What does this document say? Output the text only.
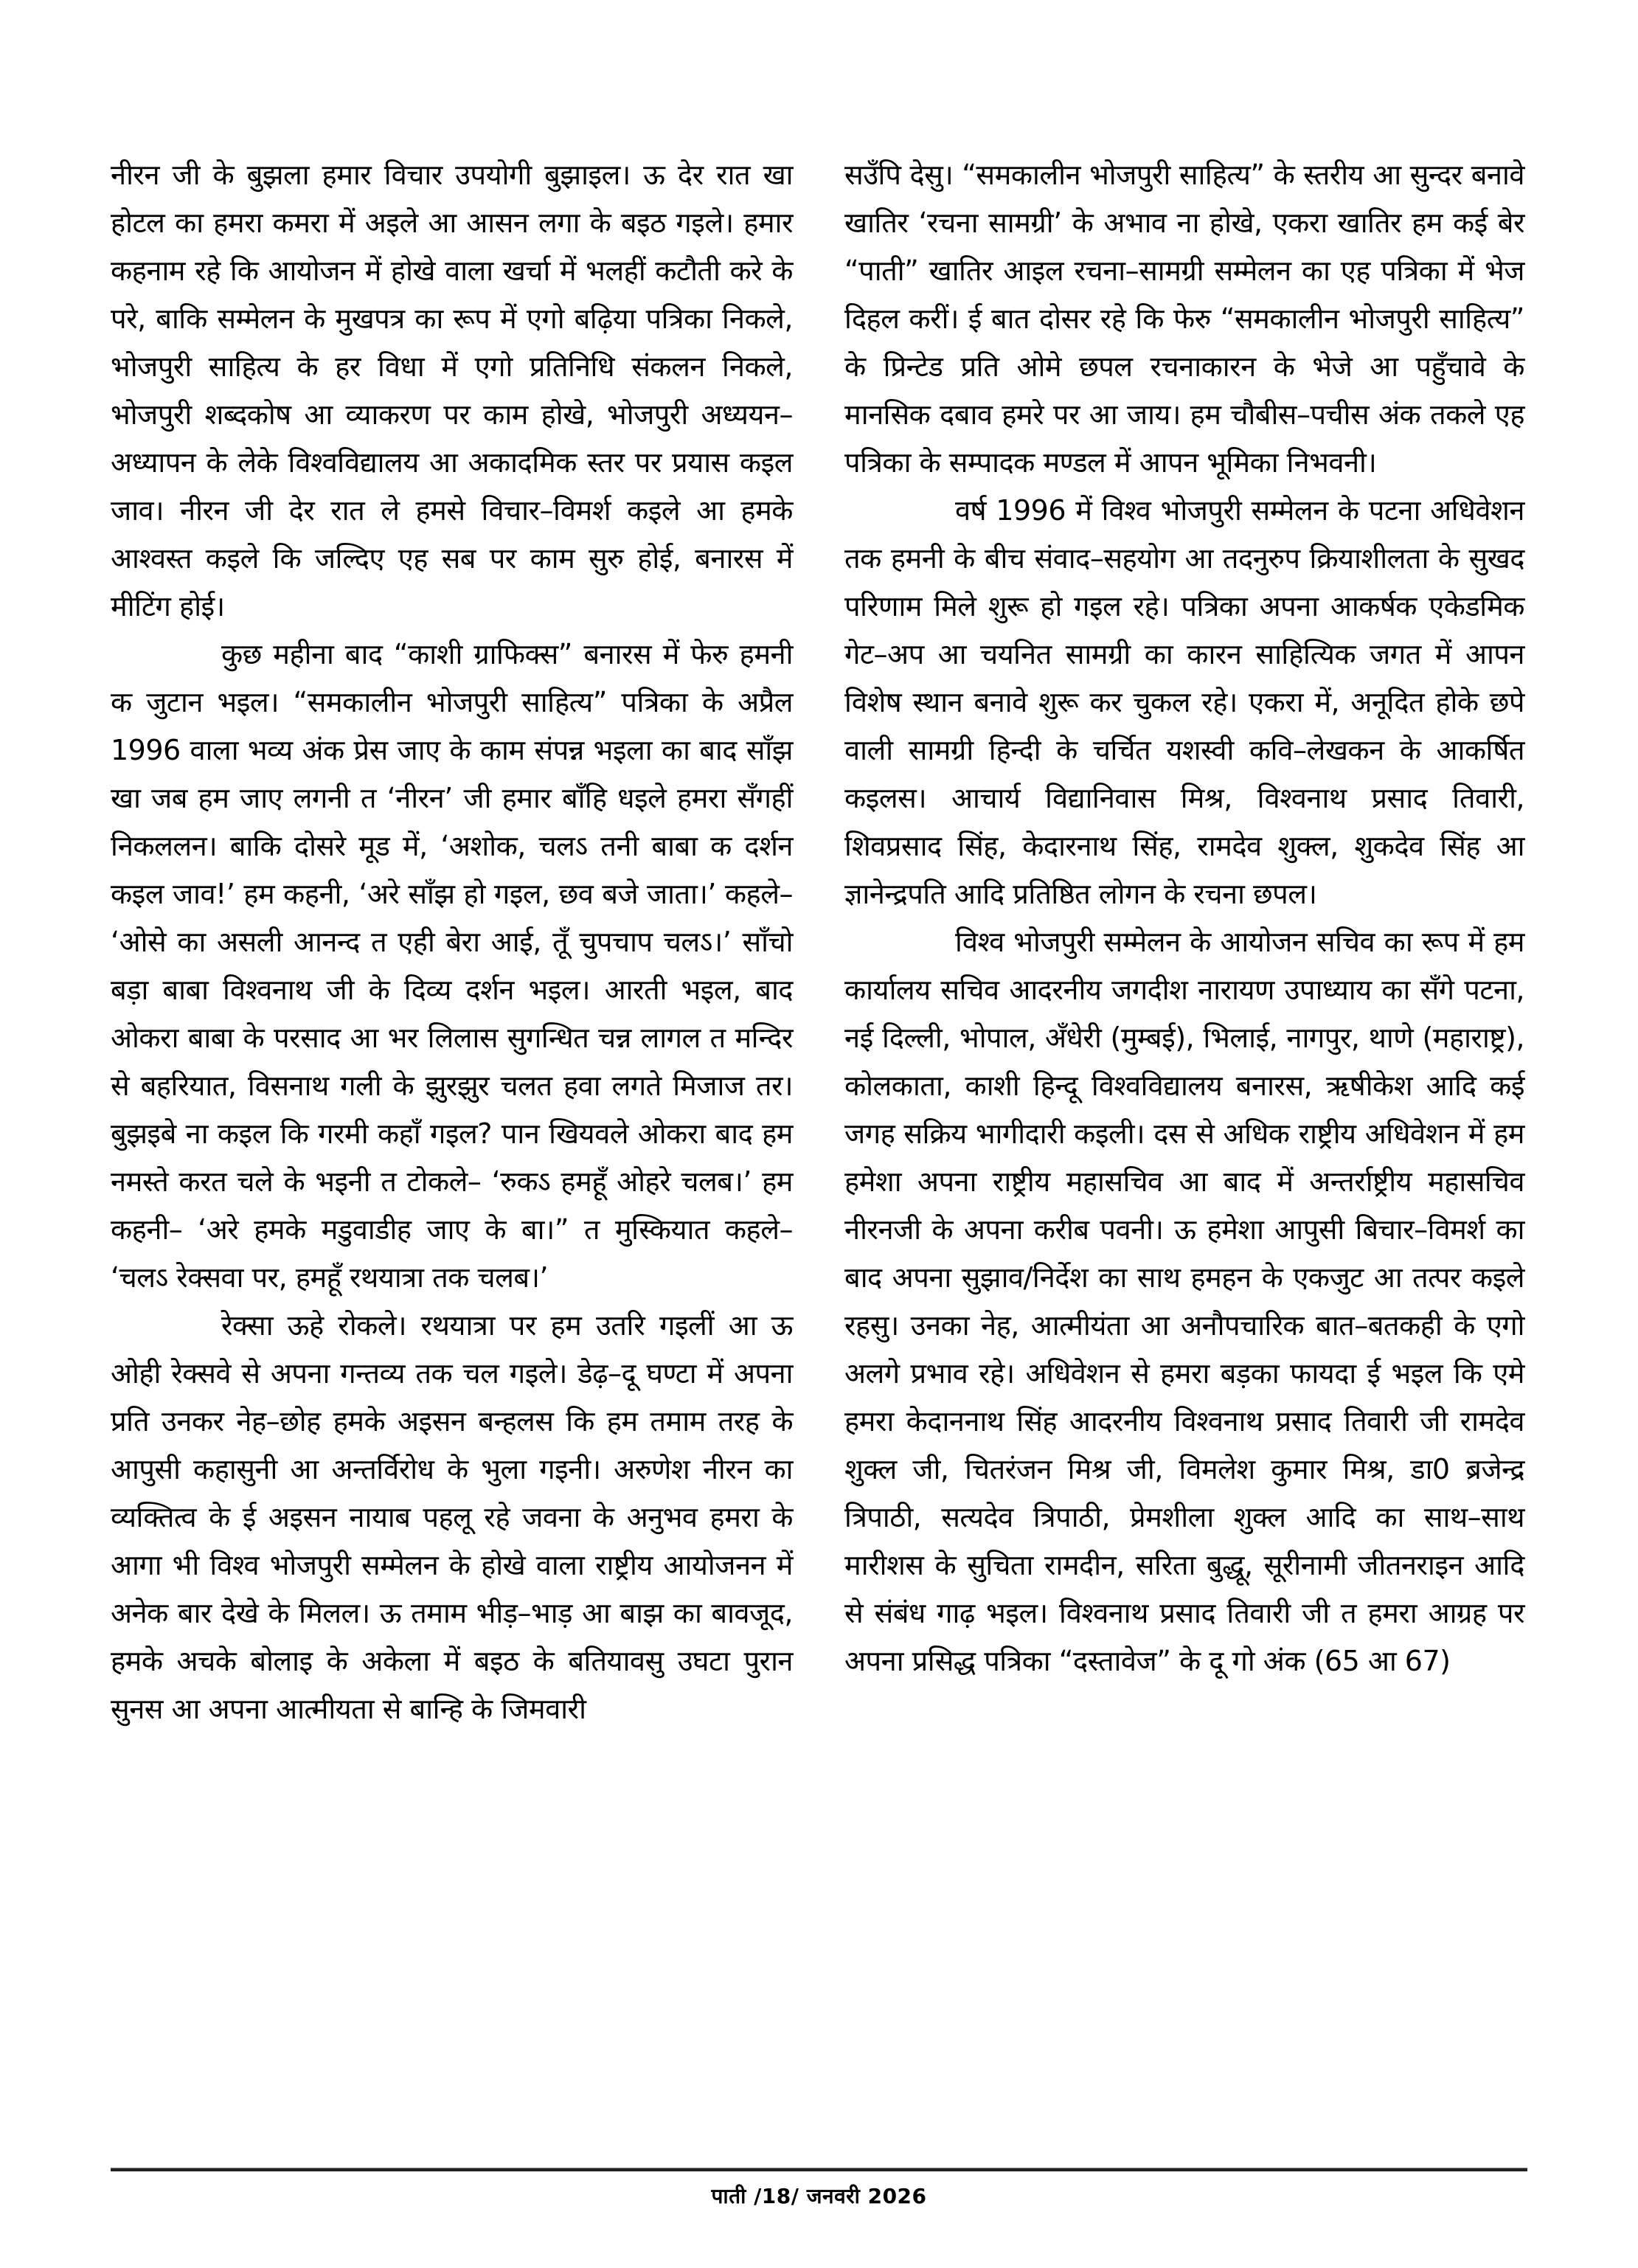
नीरन जी के बुझला हमार विचार उपयोगी बुझाइल। ऊ देर रात खा होटल का हमरा कमरा में अइले आ आसन लगा के बइठ गइले। हमार कहनाम रहे कि आयोजन में होखे वाला खर्चा में भलहीं कटौती करे के परे, बाकि सम्मेलन के मुखपत्र का रूप में एगो बढ़िया पत्रिका निकले, भोजपुरी साहित्य के हर विधा में एगो प्रतिनिधि संकलन निकले, भोजपुरी शब्दकोष आ व्याकरण पर काम होखे, भोजपुरी अध्ययन–अध्यापन के लेके विश्वविद्यालय आ अकादमिक स्तर पर प्रयास कइल जाव। नीरन जी देर रात ले हमसे विचार–विमर्श कइले आ हमके आश्वस्त कइले कि जल्दिए एह सब पर काम सुरु होई, बनारस में मीटिंग होई।

कुछ महीना बाद “काशी ग्राफिक्स” बनारस में फेरु हमनी क जुटान भइल। “समकालीन भोजपुरी साहित्य” पत्रिका के अप्रैल 1996 वाला भव्य अंक प्रेस जाए के काम संपन्न भइला का बाद साँझ खा जब हम जाए लगनी त ‘नीरन’ जी हमार बाँहि धइले हमरा सँगहीं निकललन। बाकि दोसरे मूड में, ‘अशोक, चलऽ तनी बाबा क दर्शन कइल जाव!’ हम कहनी, ‘अरे साँझ हो गइल, छव बजे जाता।’ कहले– ‘ओसे का असली आनन्द त एही बेरा आई, तूँ चुपचाप चलऽ।’ साँचो बड़ा बाबा विश्वनाथ जी के दिव्य दर्शन भइल। आरती भइल, बाद ओकरा बाबा के परसाद आ भर लिलास सुगन्धित चन्न लागल त मन्दिर से बहरियात, विसनाथ गली के झुरझुर चलत हवा लगते मिजाज तर। बुझइबे ना कइल कि गरमी कहाँ गइल? पान खियवले ओकरा बाद हम नमस्ते करत चले के भइनी त टोकले– ‘रुकऽ हमहूँ ओहरे चलब।’ हम कहनी– ‘अरे हमके मडुवाडीह जाए के बा।” त मुस्कियात कहले– ‘चलऽ रेक्सवा पर, हमहूँ रथयात्रा तक चलब।’

रेक्सा ऊहे रोकले। रथयात्रा पर हम उतरि गइलीं आ ऊ ओही रेक्सवे से अपना गन्तव्य तक चल गइले। डेढ़–दू घण्टा में अपना प्रति उनकर नेह–छोह हमके अइसन बन्हलस कि हम तमाम तरह के आपुसी कहासुनी आ अन्तर्विरोध के भुला गइनी। अरुणेश नीरन का व्यक्तित्व के ई अइसन नायाब पहलू रहे जवना के अनुभव हमरा के आगा भी विश्व भोजपुरी सम्मेलन के होखे वाला राष्ट्रीय आयोजनन में अनेक बार देखे के मिलल। ऊ तमाम भीड़–भाड़ आ बाझ का बावजूद, हमके अचके बोलाइ के अकेला में बइठ के बतियावसु उघटा पुरान सुनस आ अपना आत्मीयता से बान्हि के जिमवारी

सउँपि देसु। “समकालीन भोजपुरी साहित्य” के स्तरीय आ सुन्दर बनावे खातिर ‘रचना सामग्री’ के अभाव ना होखे, एकरा खातिर हम कई बेर “पाती” खातिर आइल रचना–सामग्री सम्मेलन का एह पत्रिका में भेज दिहल करीं। ई बात दोसर रहे कि फेरु “समकालीन भोजपुरी साहित्य” के प्रिन्टेड प्रति ओमे छपल रचनाकारन के भेजे आ पहुँचावे के मानसिक दबाव हमरे पर आ जाय। हम चौबीस–पचीस अंक तकले एह पत्रिका के सम्पादक मण्डल में आपन भूमिका निभवनी।

वर्ष 1996 में विश्व भोजपुरी सम्मेलन के पटना अधिवेशन तक हमनी के बीच संवाद–सहयोग आ तदनुरुप क्रियाशीलता के सुखद परिणाम मिले शुरू हो गइल रहे। पत्रिका अपना आकर्षक एकेडमिक गेट–अप आ चयनित सामग्री का कारन साहित्यिक जगत में आपन विशेष स्थान बनावे शुरू कर चुकल रहे। एकरा में, अनूदित होके छपे वाली सामग्री हिन्दी के चर्चित यशस्वी कवि–लेखकन के आकर्षित कइलस। आचार्य विद्यानिवास मिश्र, विश्वनाथ प्रसाद तिवारी, शिवप्रसाद सिंह, केदारनाथ सिंह, रामदेव शुक्ल, शुकदेव सिंह आ ज्ञानेन्द्रपति आदि प्रतिष्ठित लोगन के रचना छपल।

विश्व भोजपुरी सम्मेलन के आयोजन सचिव का रूप में हम कार्यालय सचिव आदरनीय जगदीश नारायण उपाध्याय का सँगे पटना, नई दिल्ली, भोपाल, अँधेरी (मुम्बई), भिलाई, नागपुर, थाणे (महाराष्ट्र), कोलकाता, काशी हिन्दू विश्वविद्यालय बनारस, ऋषीकेश आदि कई जगह सक्रिय भागीदारी कइली। दस से अधिक राष्ट्रीय अधिवेशन में हम हमेशा अपना राष्ट्रीय महासचिव आ बाद में अन्तर्राष्ट्रीय महासचिव नीरनजी के अपना करीब पवनी। ऊ हमेशा आपुसी बिचार–विमर्श का बाद अपना सुझाव/निर्देश का साथ हमहन के एकजुट आ तत्पर कइले रहसु। उनका नेह, आत्मीयंता आ अनौपचारिक बात–बतकही के एगो अलगे प्रभाव रहे। अधिवेशन से हमरा बड़का फायदा ई भइल कि एमे हमरा केदाननाथ सिंह आदरनीय विश्वनाथ प्रसाद तिवारी जी रामदेव शुक्ल जी, चितरंजन मिश्र जी, विमलेश कुमार मिश्र, डा0 ब्रजेन्द्र त्रिपाठी, सत्यदेव त्रिपाठी, प्रेमशीला शुक्ल आदि का साथ–साथ मारीशस के सुचिता रामदीन, सरिता बुद्धू, सूरीनामी जीतनराइन आदि से संबंध गाढ़ भइल। विश्वनाथ प्रसाद तिवारी जी त हमरा आग्रह पर अपना प्रसिद्ध पत्रिका “दस्तावेज” के दू गो अंक (65 आ 67)

पाती /18/ जनवरी 2026
